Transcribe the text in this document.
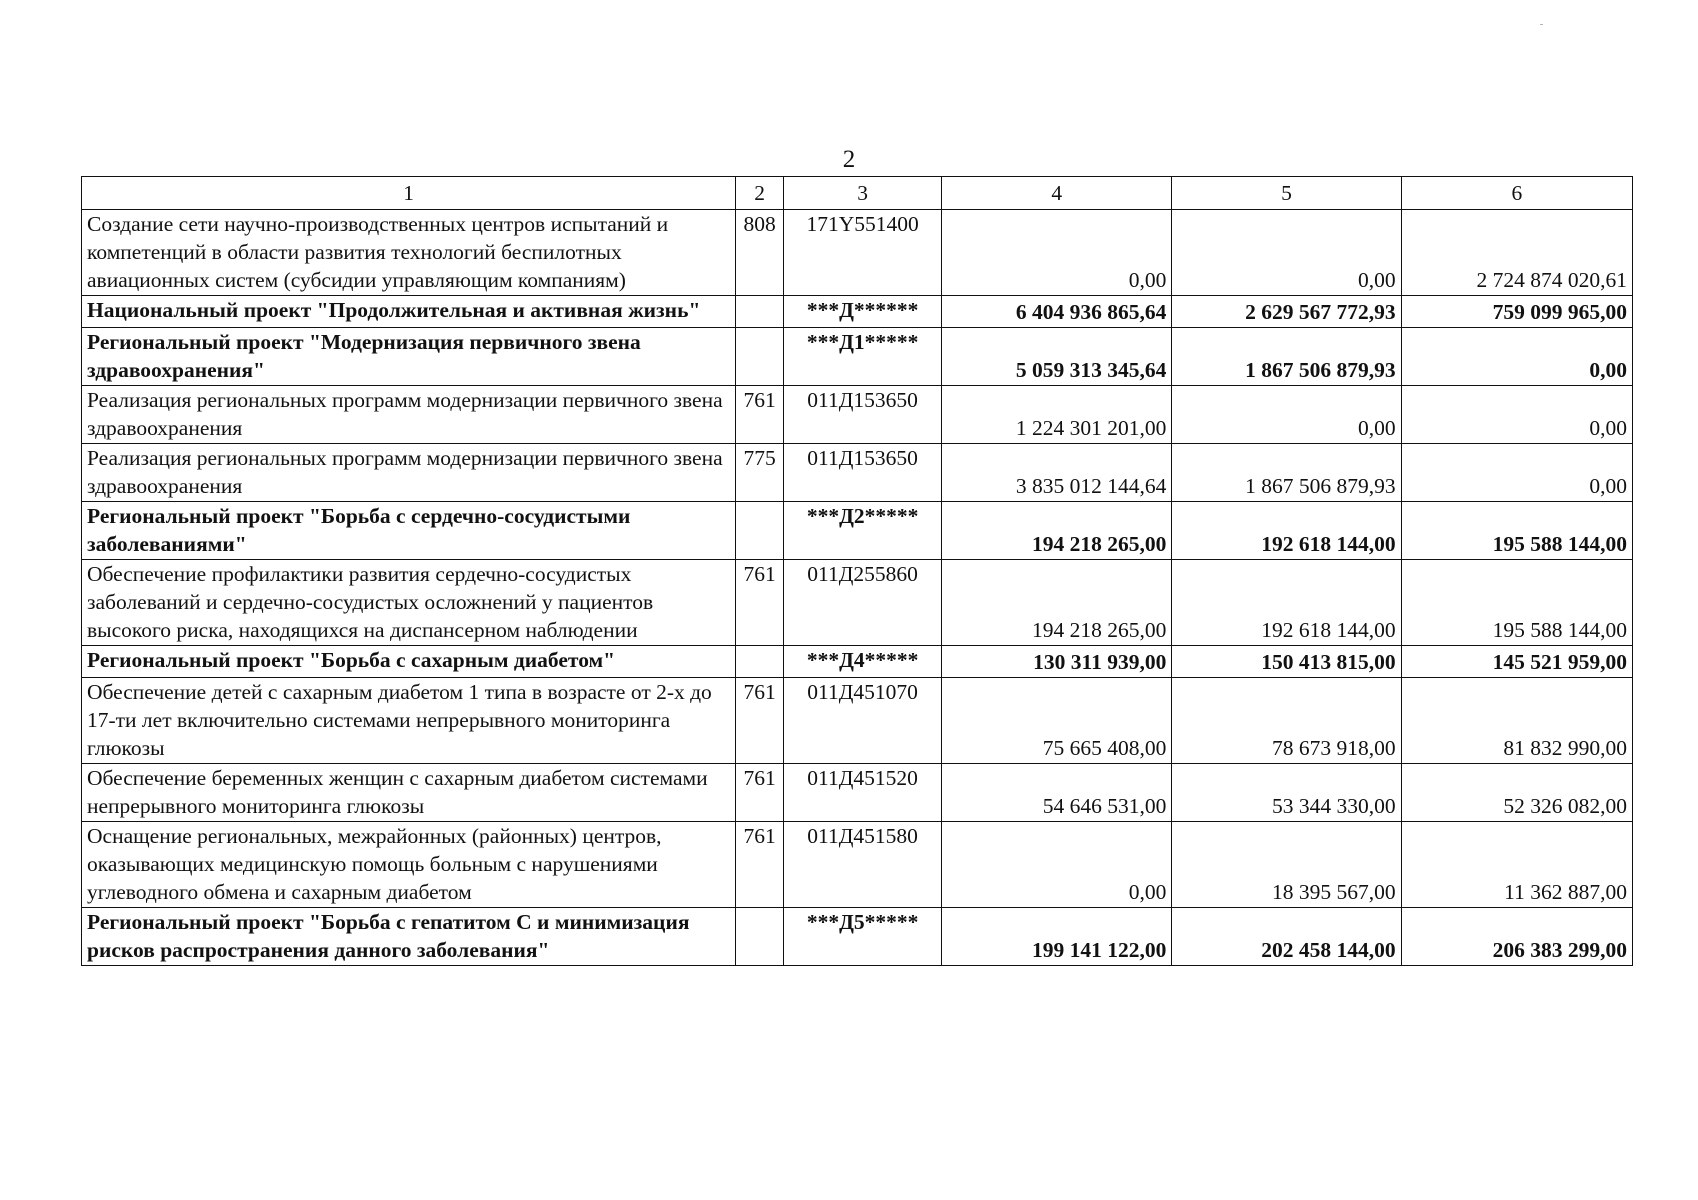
2
1	2	3	4	5	6
Создание сети научно-производственных центров испытаний и компетенций в области развития технологий беспилотных авиационных систем (субсидии управляющим компаниям)	808	171Y551400	0,00	0,00	2 724 874 020,61
Национальный проект "Продолжительная и активная жизнь"		***Д******	6 404 936 865,64	2 629 567 772,93	759 099 965,00
Региональный проект "Модернизация первичного звена здравоохранения"		***Д1*****	5 059 313 345,64	1 867 506 879,93	0,00
Реализация региональных программ модернизации первичного звена здравоохранения	761	011Д153650	1 224 301 201,00	0,00	0,00
Реализация региональных программ модернизации первичного звена здравоохранения	775	011Д153650	3 835 012 144,64	1 867 506 879,93	0,00
Региональный проект "Борьба с сердечно-сосудистыми заболеваниями"		***Д2*****	194 218 265,00	192 618 144,00	195 588 144,00
Обеспечение профилактики развития сердечно-сосудистых заболеваний и сердечно-сосудистых осложнений у пациентов высокого риска, находящихся на диспансерном наблюдении	761	011Д255860	194 218 265,00	192 618 144,00	195 588 144,00
Региональный проект "Борьба с сахарным диабетом"		***Д4*****	130 311 939,00	150 413 815,00	145 521 959,00
Обеспечение детей с сахарным диабетом 1 типа в возрасте от 2-х до 17-ти лет включительно системами непрерывного мониторинга глюкозы	761	011Д451070	75 665 408,00	78 673 918,00	81 832 990,00
Обеспечение беременных женщин с сахарным диабетом системами непрерывного мониторинга глюкозы	761	011Д451520	54 646 531,00	53 344 330,00	52 326 082,00
Оснащение региональных, межрайонных (районных) центров, оказывающих медицинскую помощь больным с нарушениями углеводного обмена и сахарным диабетом	761	011Д451580	0,00	18 395 567,00	11 362 887,00
Региональный проект "Борьба с гепатитом С и минимизация рисков распространения данного заболевания"		***Д5*****	199 141 122,00	202 458 144,00	206 383 299,00
